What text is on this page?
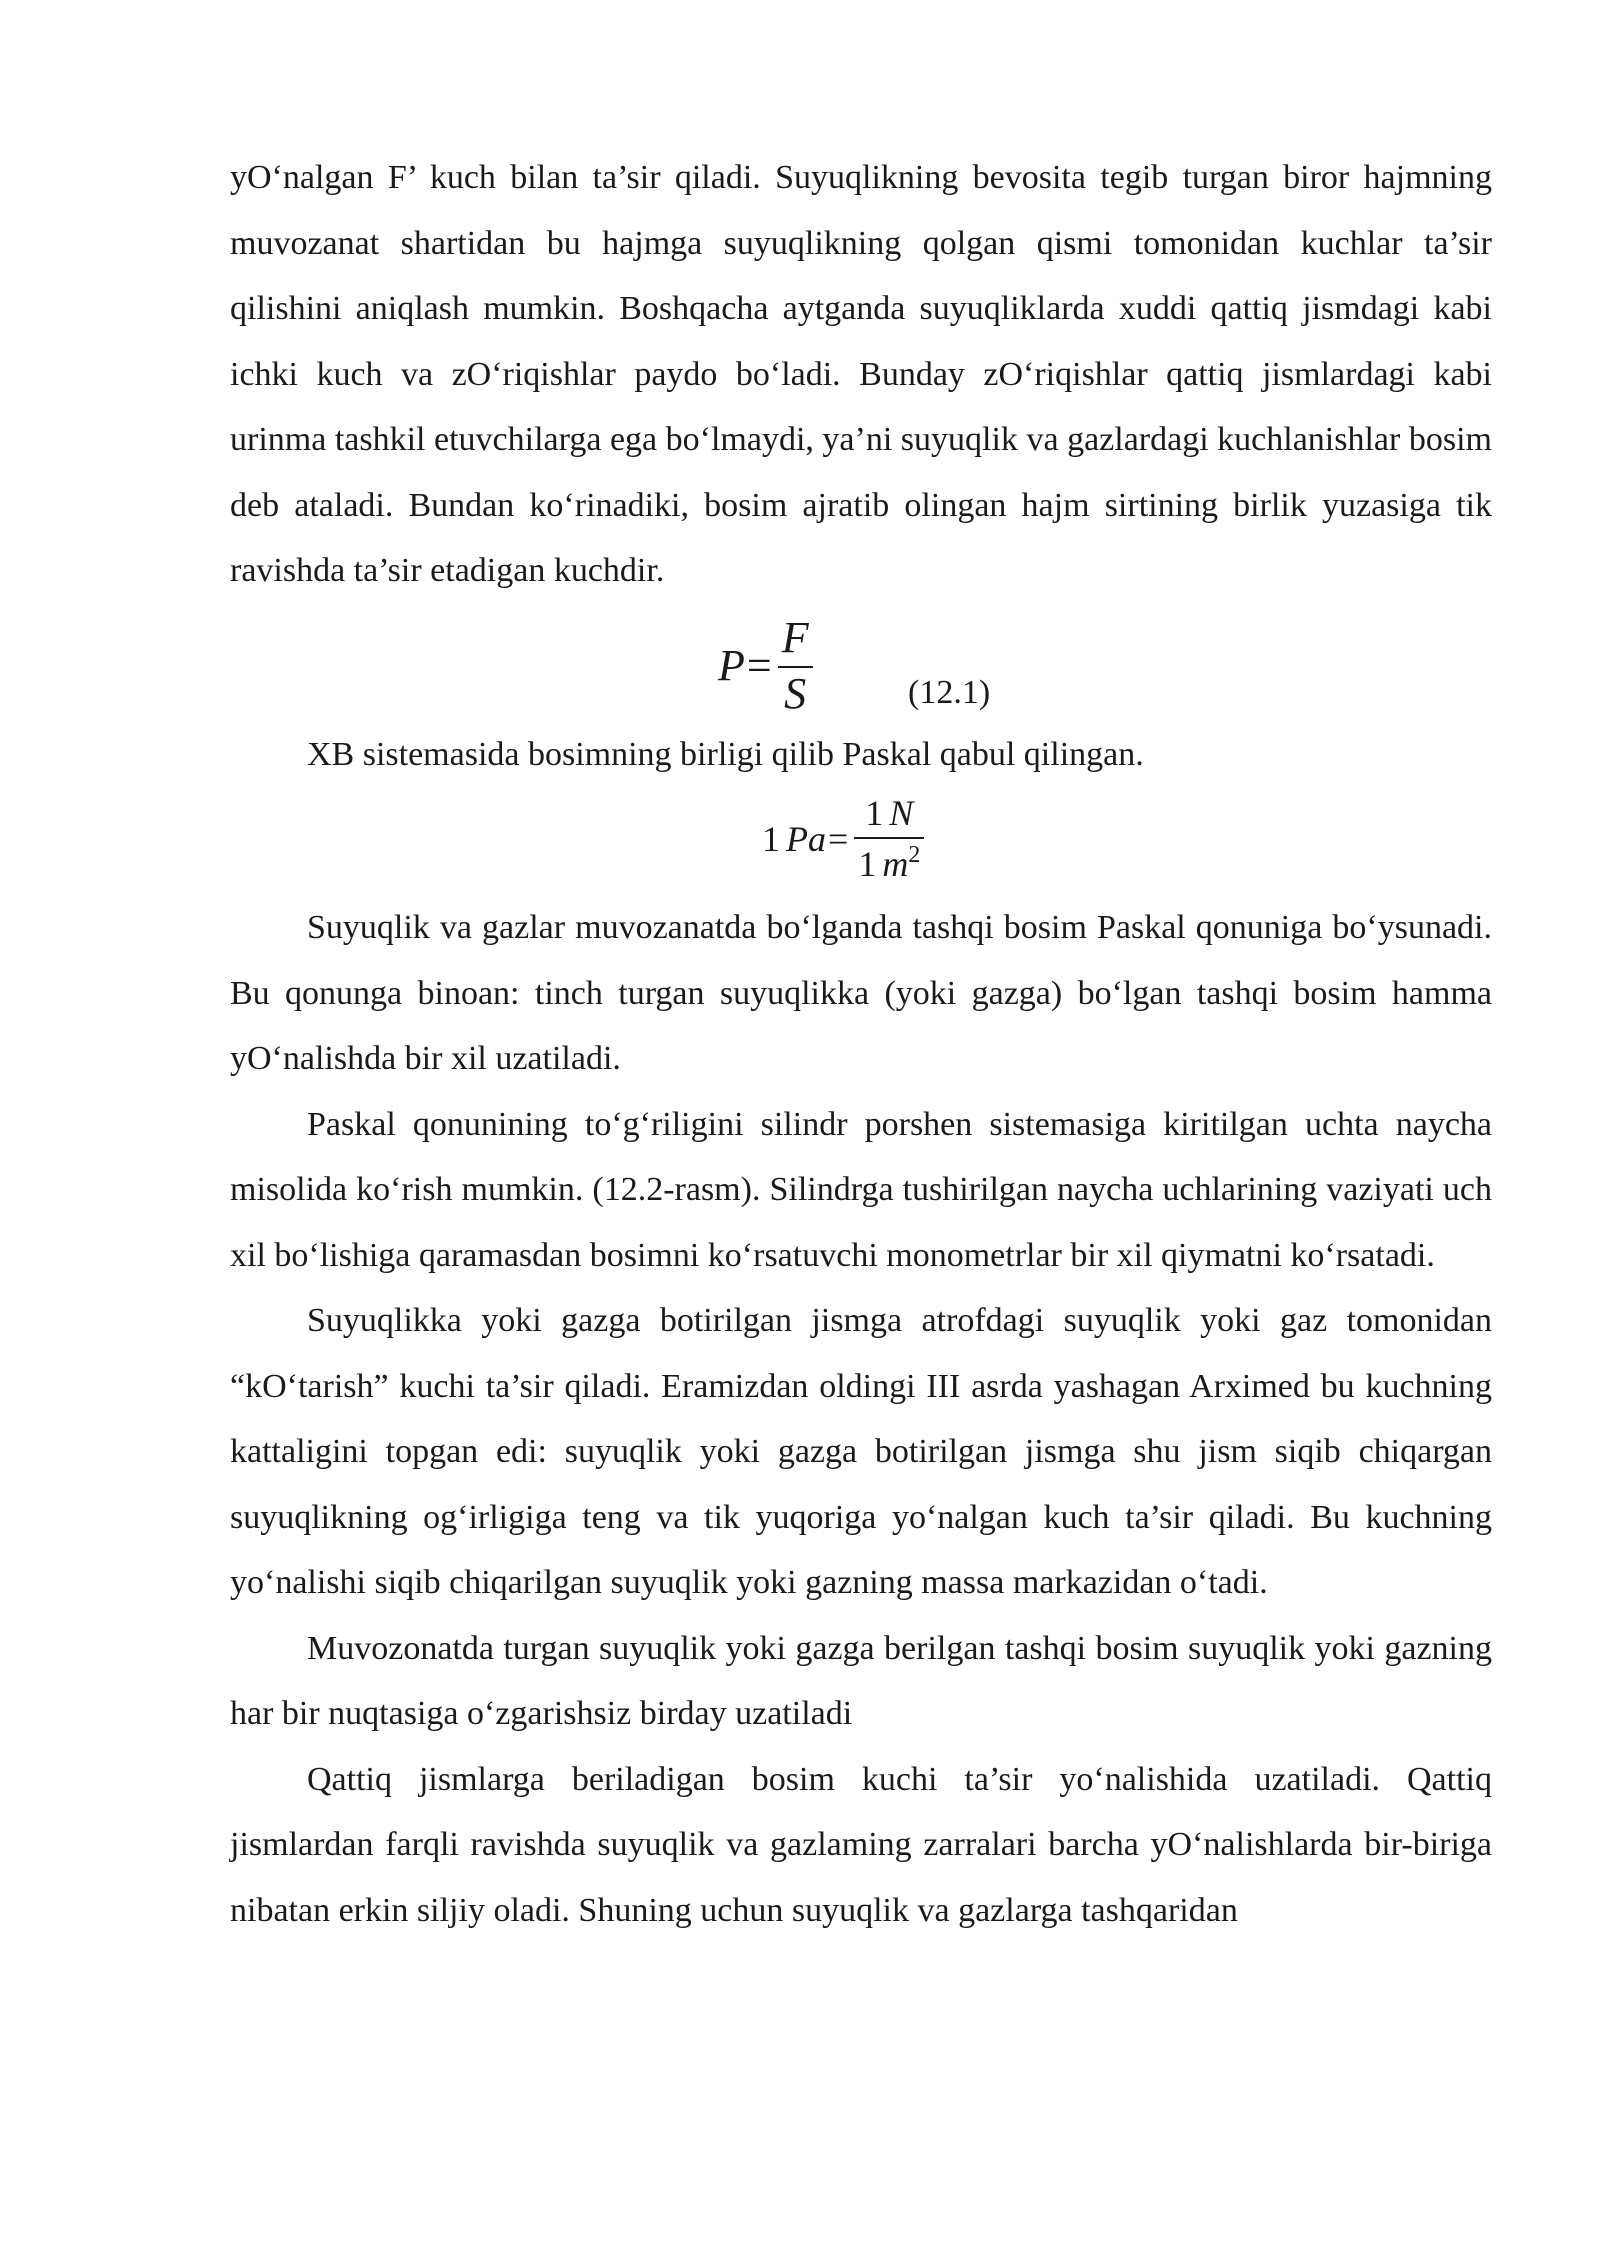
yO‘nalgan F’ kuch bilan ta’sir qiladi. Suyuqlikning bevosita tegib turgan biror hajmning muvozanat shartidan bu hajmga suyuqlikning qolgan qismi tomonidan kuchlar ta’sir qilishini aniqlash mumkin. Boshqacha aytganda suyuqliklarda xuddi qattiq jismdagi kabi ichki kuch va zO‘riqishlar paydo bo‘ladi. Bunday zO‘riqishlar qattiq jismlardagi kabi urinma tashkil etuvchilarga ega bo‘lmaydi, ya’ni suyuqlik va gazlardagi kuchlanishlar bosim deb ataladi. Bundan ko‘rinadiki, bosim ajratib olingan hajm sirtining birlik yuzasiga tik ravishda ta’sir etadigan kuchdir.

$P = \frac{F}{S}$	(12.1)

XB sistemasida bosimning birligi qilib Paskal qabul qilingan.

1 $Pa = \frac{1 N}{1 m^2}$

Suyuqlik va gazlar muvozanatda bo‘lganda tashqi bosim Paskal qonuniga bo‘ysunadi. Bu qonunga binoan: tinch turgan suyuqlikka (yoki gazga) bo‘lgan tashqi bosim hamma yO‘nalishda bir xil uzatiladi.

Paskal qonunining to‘g‘riligini silindr porshen sistemasiga kiritilgan uchta naycha misolida ko‘rish mumkin. (12.2-rasm). Silindrga tushirilgan naycha uchlarining vaziyati uch xil bo‘lishiga qaramasdan bosimni ko‘rsatuvchi monometrlar bir xil qiymatni ko‘rsatadi.

Suyuqlikka yoki gazga botirilgan jismga atrofdagi suyuqlik yoki gaz tomonidan “kO‘tarish” kuchi ta’sir qiladi. Eramizdan oldingi III asrda yashagan Arximed bu kuchning kattaligini topgan edi: suyuqlik yoki gazga botirilgan jismga shu jism siqib chiqargan suyuqlikning og‘irligiga teng va tik yuqoriga yo‘nalgan kuch ta’sir qiladi. Bu kuchning yo‘nalishi siqib chiqarilgan suyuqlik yoki gazning massa markazidan o‘tadi.

Muvozonatda turgan suyuqlik yoki gazga berilgan tashqi bosim suyuqlik yoki gazning har bir nuqtasiga o‘zgarishsiz birday uzatiladi

Qattiq jismlarga beriladigan bosim kuchi ta’sir yo‘nalishida uzatiladi. Qattiq jismlardan farqli ravishda suyuqlik va gazlaming zarralari barcha yO‘nalishlarda bir-biriga nibatan erkin siljiy oladi. Shuning uchun suyuqlik va gazlarga tashqaridan
